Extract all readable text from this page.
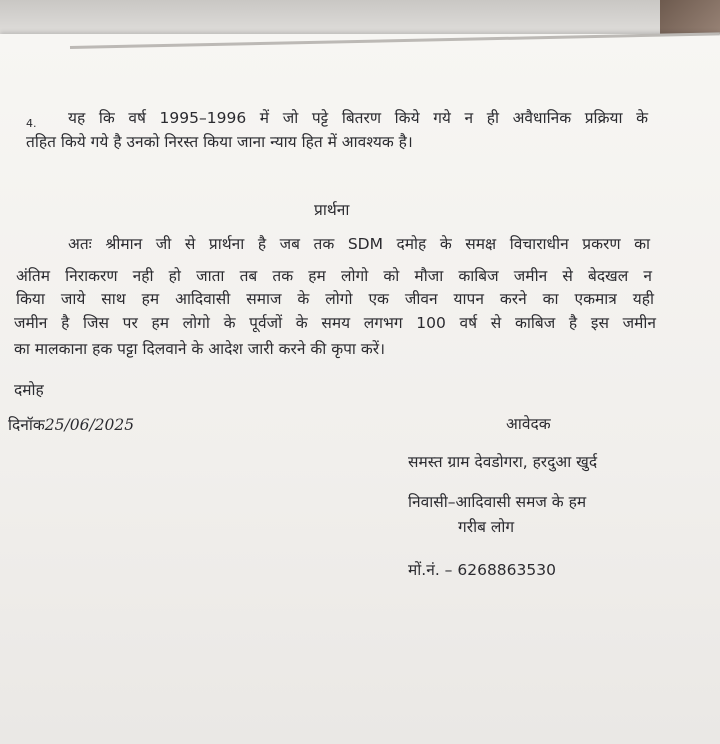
4. यह कि वर्ष 1995–1996 में जो पट्टे बितरण किये गये न ही अवैधानिक प्रक्रिया के
तहित किये गये है उनको निरस्त किया जाना न्याय हित में आवश्यक है।
प्रार्थना
अतः श्रीमान जी से प्रार्थना है जब तक SDM दमोह के समक्ष विचाराधीन प्रकरण का
अंतिम निराकरण नही हो जाता तब तक हम लोगो को मौजा काबिज जमीन से बेदखल न
किया जाये साथ हम आदिवासी समाज के लोगो एक जीवन यापन करने का एकमात्र यही
जमीन है जिस पर हम लोगो के पूर्वजों के समय लगभग 100 वर्ष से काबिज है इस जमीन
का मालकाना हक पट्टा दिलवाने के आदेश जारी करने की कृपा करें।
दमोह
दिनॉक25/06/2025	आवेदक
समस्त ग्राम देवडोगरा, हरदुआ खुर्द
निवासी–आदिवासी समज के हम
गरीब लोग
मों.नं. – 6268863530
